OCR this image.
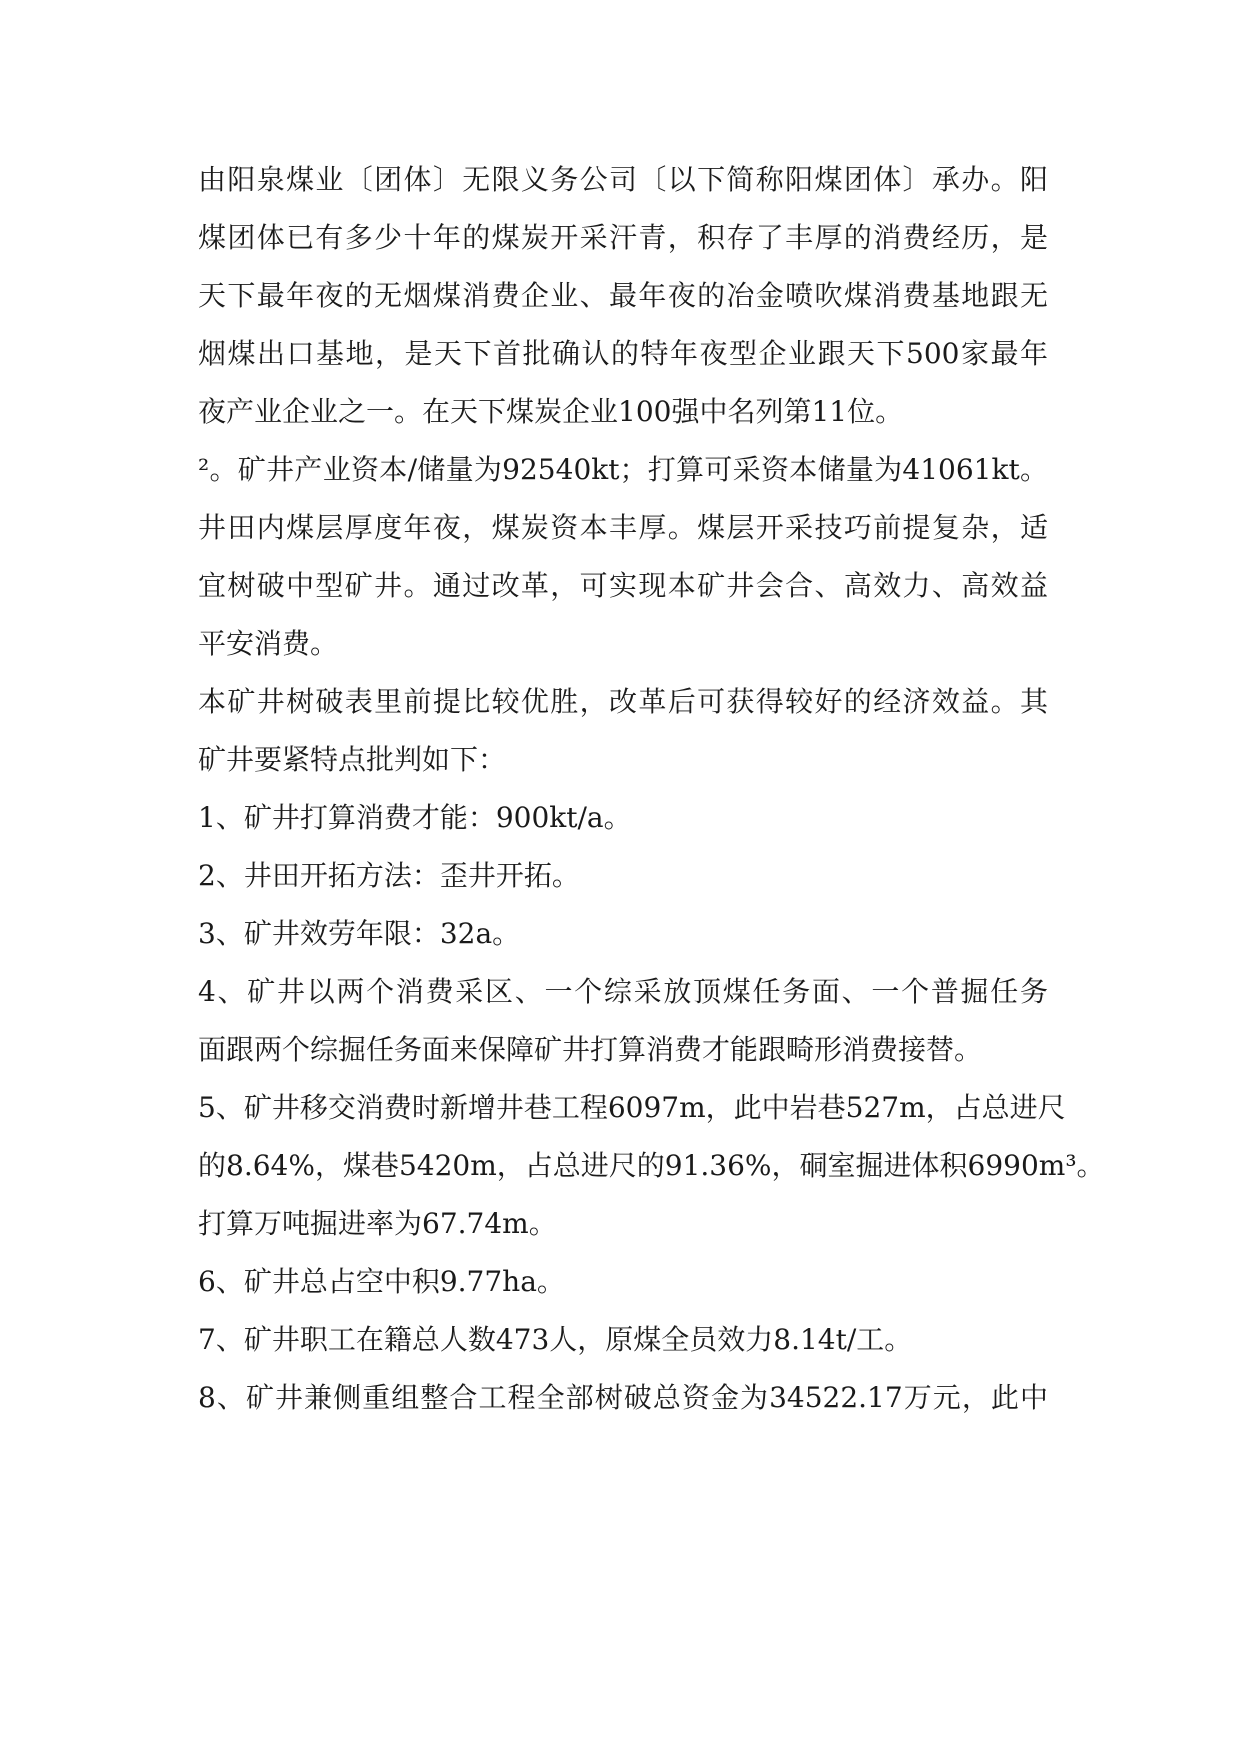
由阳泉煤业〔团体〕无限义务公司〔以下简称阳煤团体〕承办。阳
煤团体已有多少十年的煤炭开采汗青，积存了丰厚的消费经历，是
天下最年夜的无烟煤消费企业、最年夜的冶金喷吹煤消费基地跟无
烟煤出口基地，是天下首批确认的特年夜型企业跟天下500家最年
夜产业企业之一。在天下煤炭企业100强中名列第11位。
²。矿井产业资本/储量为92540kt；打算可采资本储量为41061kt。
井田内煤层厚度年夜，煤炭资本丰厚。煤层开采技巧前提复杂，适
宜树破中型矿井。通过改革，可实现本矿井会合、高效力、高效益
平安消费。
本矿井树破表里前提比较优胜，改革后可获得较好的经济效益。其
矿井要紧特点批判如下：
1、矿井打算消费才能：900kt/a。
2、井田开拓方法：歪井开拓。
3、矿井效劳年限：32a。
4、矿井以两个消费采区、一个综采放顶煤任务面、一个普掘任务
面跟两个综掘任务面来保障矿井打算消费才能跟畸形消费接替。
5、矿井移交消费时新增井巷工程6097m，此中岩巷527m，占总进尺
的8.64%，煤巷5420m，占总进尺的91.36%，硐室掘进体积6990m³。
打算万吨掘进率为67.74m。
6、矿井总占空中积9.77ha。
7、矿井职工在籍总人数473人，原煤全员效力8.14t/工。
8、矿井兼侧重组整合工程全部树破总资金为34522.17万元，此中
